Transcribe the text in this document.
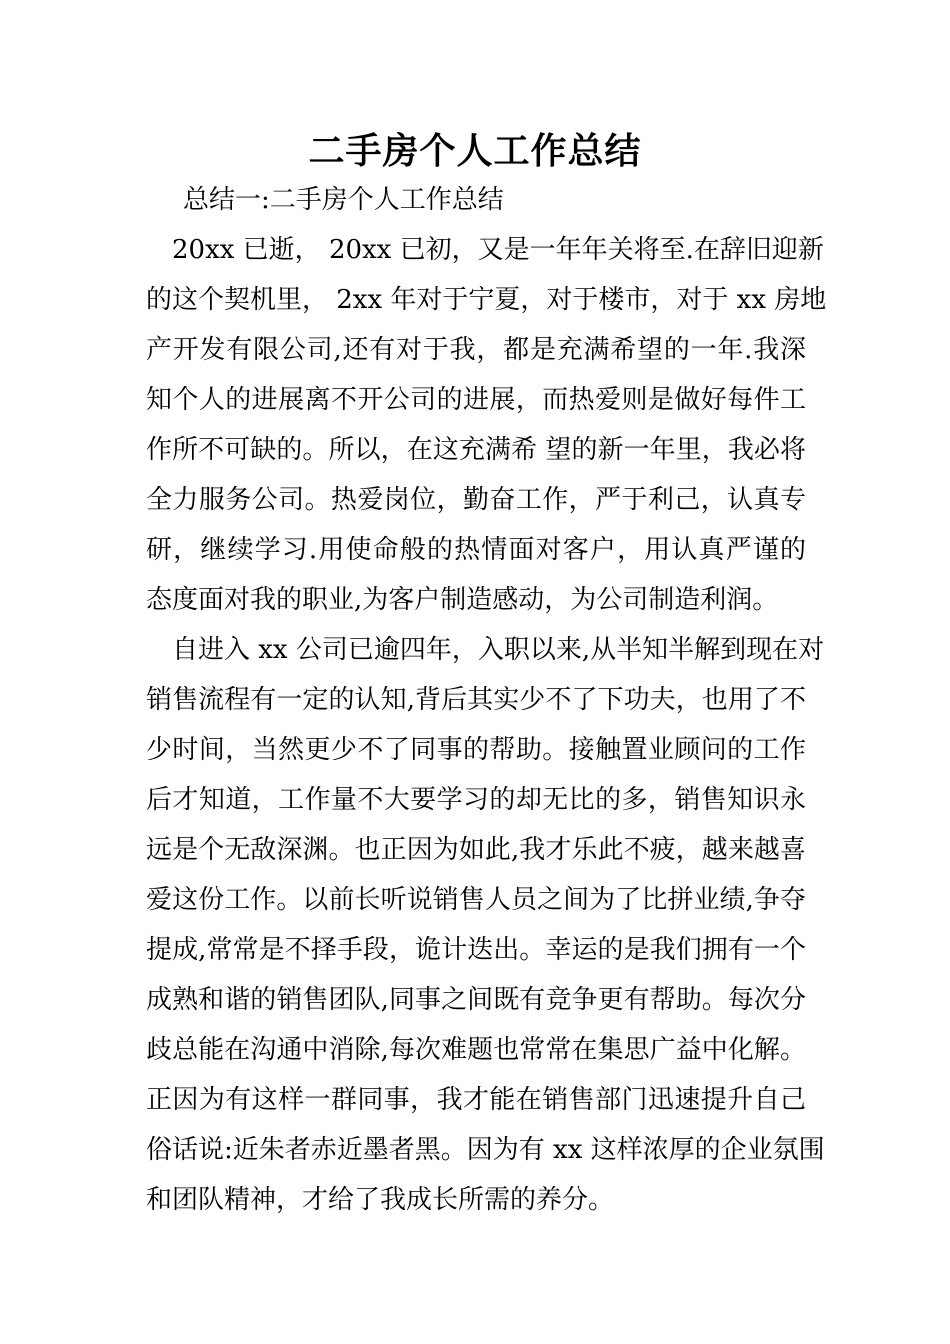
二手房个人工作总结
总结一:二手房个人工作总结
20xx 已逝， 20xx 已初，又是一年年关将至.在辞旧迎新
的这个契机里， 2xx 年对于宁夏，对于楼市，对于 xx 房地
产开发有限公司,还有对于我，都是充满希望的一年.我深
知个人的进展离不开公司的进展，而热爱则是做好每件工
作所不可缺的。所以，在这充满希 望的新一年里，我必将
全力服务公司。热爱岗位，勤奋工作，严于利己，认真专
研，继续学习.用使命般的热情面对客户，用认真严谨的
态度面对我的职业,为客户制造感动，为公司制造利润。
自进入 xx 公司已逾四年，入职以来,从半知半解到现在对
销售流程有一定的认知,背后其实少不了下功夫，也用了不
少时间，当然更少不了同事的帮助。接触置业顾问的工作
后才知道，工作量不大要学习的却无比的多，销售知识永
远是个无敌深渊。也正因为如此,我才乐此不疲，越来越喜
爱这份工作。以前长听说销售人员之间为了比拼业绩,争夺
提成,常常是不择手段，诡计迭出。幸运的是我们拥有一个
成熟和谐的销售团队,同事之间既有竞争更有帮助。每次分
歧总能在沟通中消除,每次难题也常常在集思广益中化解。
正因为有这样一群同事，我才能在销售部门迅速提升自己
俗话说:近朱者赤近墨者黑。因为有 xx 这样浓厚的企业氛围
和团队精神，才给了我成长所需的养分。
